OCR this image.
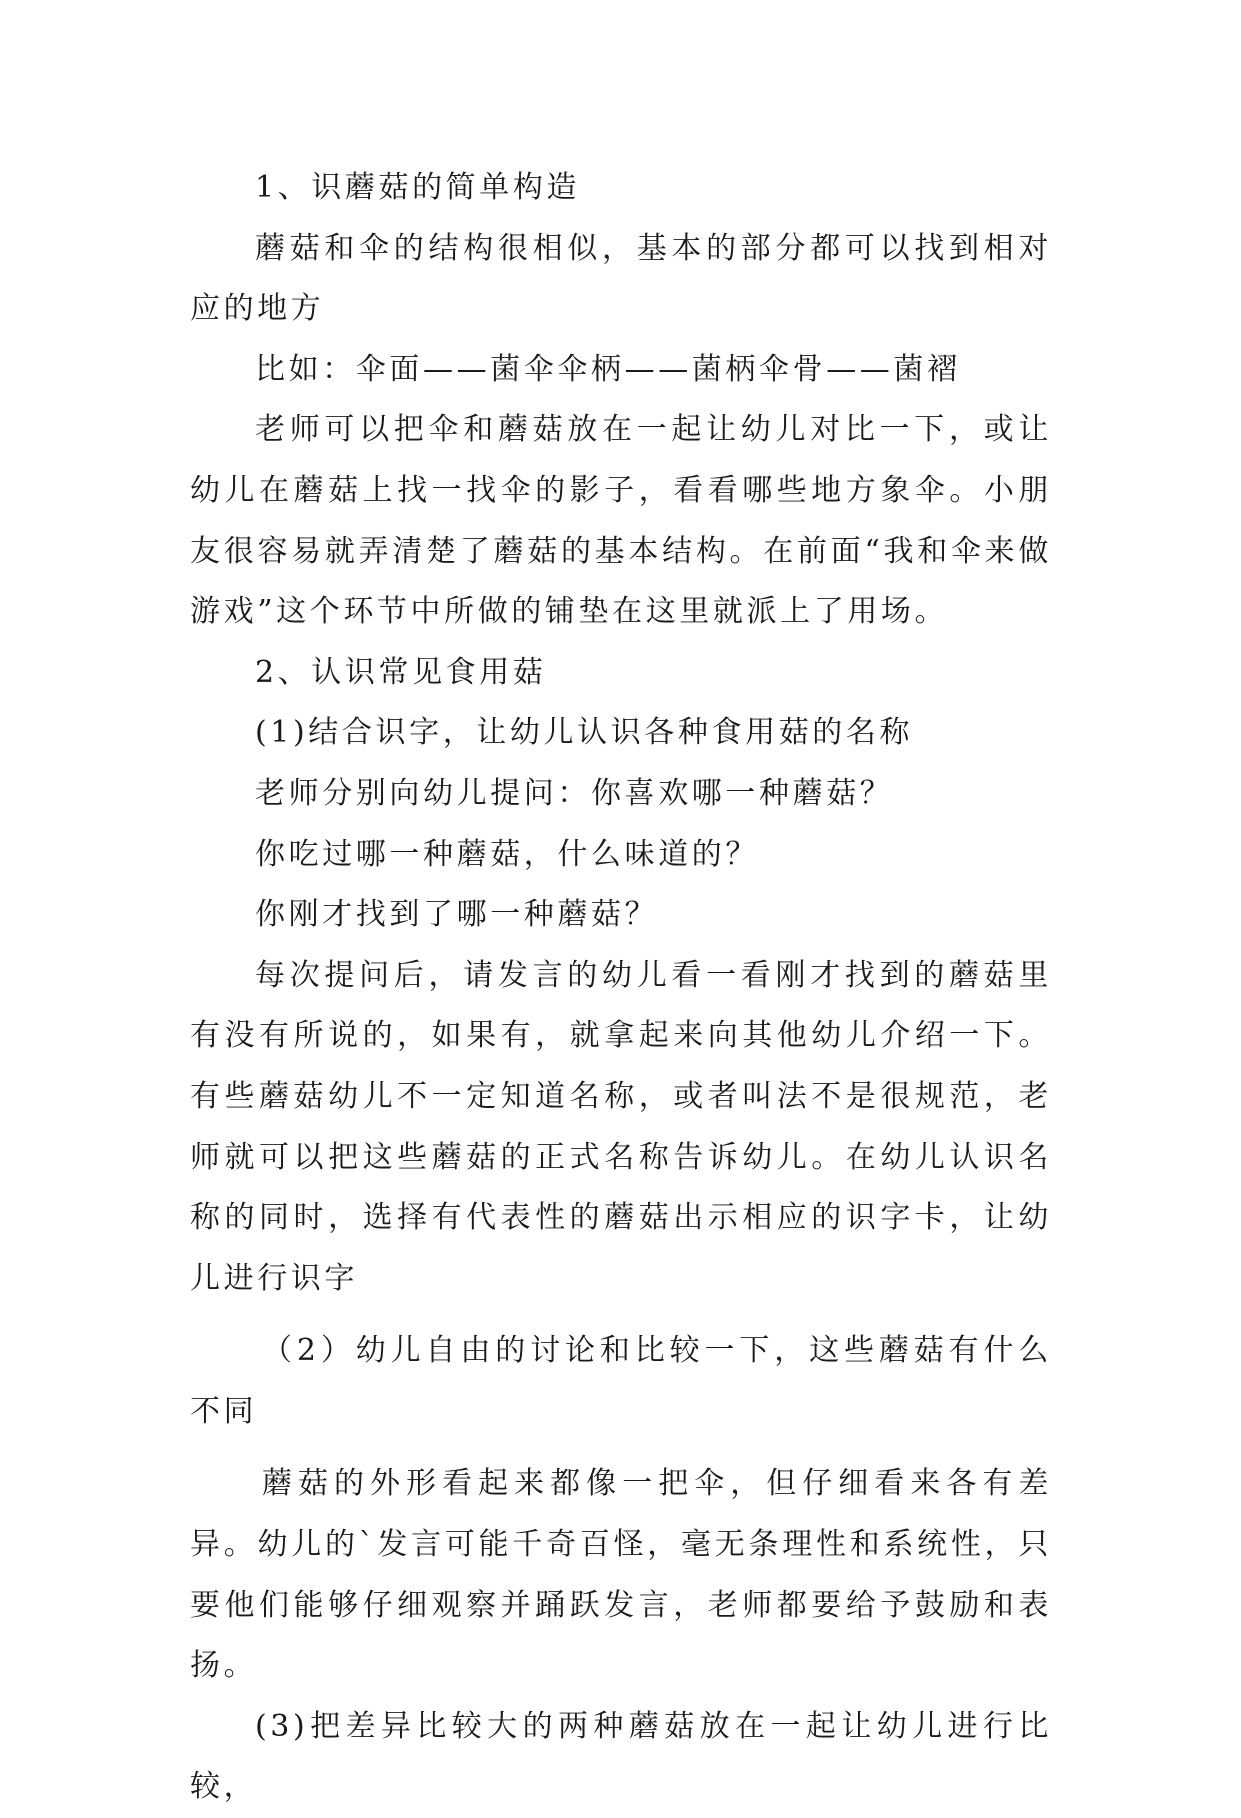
1、识蘑菇的简单构造

蘑菇和伞的结构很相似，基本的部分都可以找到相对应的地方

比如：伞面——菌伞伞柄——菌柄伞骨——菌褶

老师可以把伞和蘑菇放在一起让幼儿对比一下，或让幼儿在蘑菇上找一找伞的影子，看看哪些地方象伞。小朋友很容易就弄清楚了蘑菇的基本结构。在前面“我和伞来做游戏”这个环节中所做的铺垫在这里就派上了用场。

2、认识常见食用菇

(1)结合识字，让幼儿认识各种食用菇的名称

老师分别向幼儿提问：你喜欢哪一种蘑菇？

你吃过哪一种蘑菇，什么味道的？

你刚才找到了哪一种蘑菇？

每次提问后，请发言的幼儿看一看刚才找到的蘑菇里有没有所说的，如果有，就拿起来向其他幼儿介绍一下。有些蘑菇幼儿不一定知道名称，或者叫法不是很规范，老师就可以把这些蘑菇的正式名称告诉幼儿。在幼儿认识名称的同时，选择有代表性的蘑菇出示相应的识字卡，让幼儿进行识字

（2）幼儿自由的讨论和比较一下，这些蘑菇有什么不同

蘑菇的外形看起来都像一把伞，但仔细看来各有差异。幼儿的`发言可能千奇百怪，毫无条理性和系统性，只要他们能够仔细观察并踊跃发言，老师都要给予鼓励和表扬。

(3)把差异比较大的两种蘑菇放在一起让幼儿进行比较，
